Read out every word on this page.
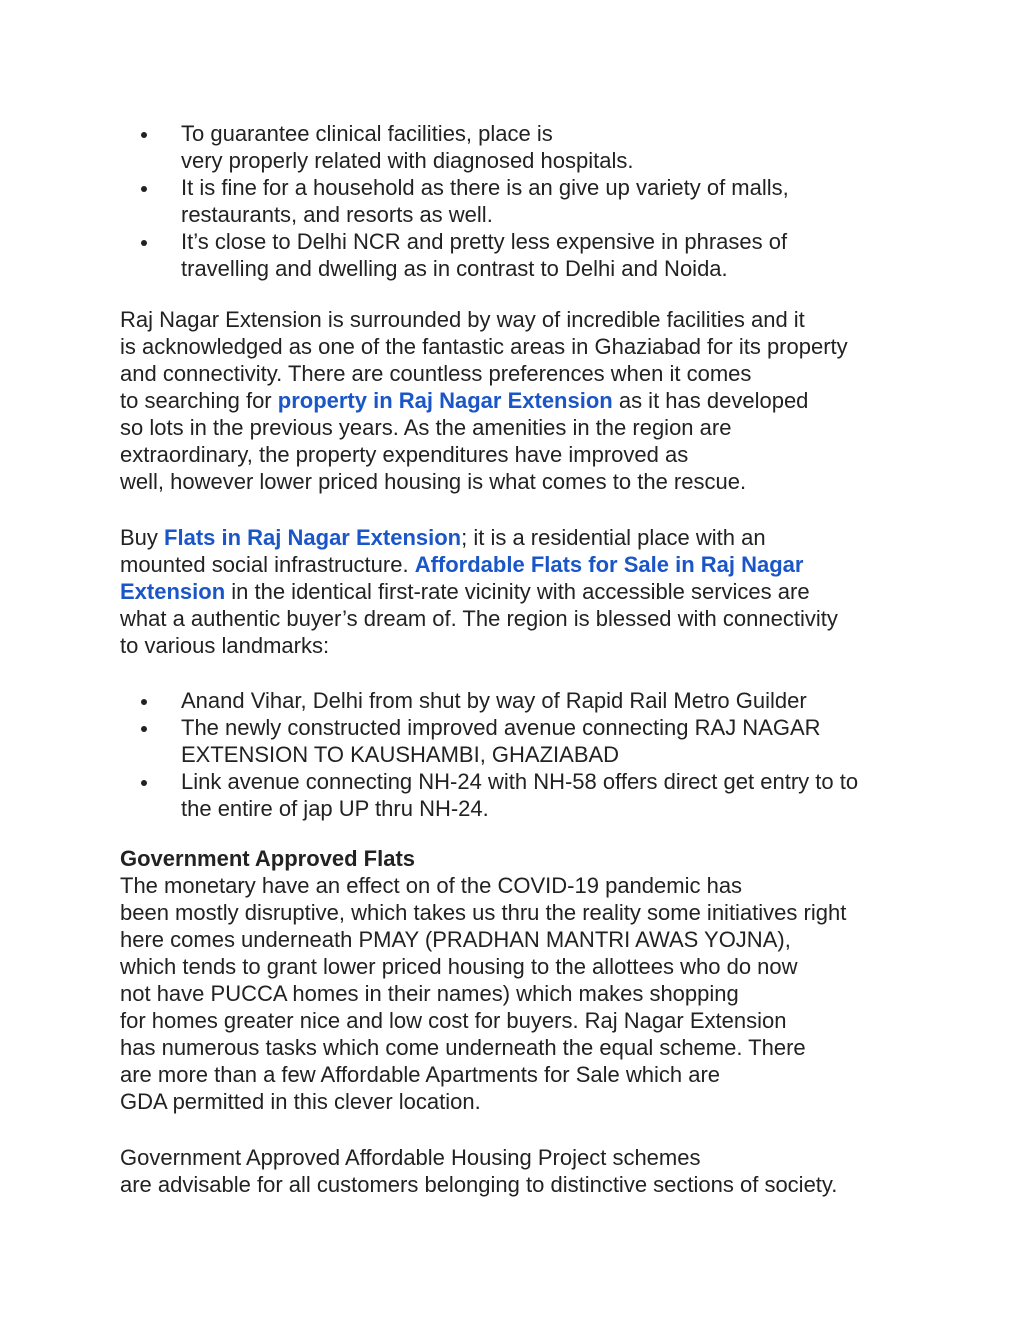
To guarantee clinical facilities, place is
very properly related with diagnosed hospitals.
It is fine for a household as there is an give up variety of malls,
restaurants, and resorts as well.
It’s close to Delhi NCR and pretty less expensive in phrases of
travelling and dwelling as in contrast to Delhi and Noida.
Raj Nagar Extension is surrounded by way of incredible facilities and it
is acknowledged as one of the fantastic areas in Ghaziabad for its property
and connectivity. There are countless preferences when it comes
to searching for property in Raj Nagar Extension as it has developed
so lots in the previous years. As the amenities in the region are
extraordinary, the property expenditures have improved as
well, however lower priced housing is what comes to the rescue.
Buy Flats in Raj Nagar Extension; it is a residential place with an
mounted social infrastructure. Affordable Flats for Sale in Raj Nagar
Extension in the identical first-rate vicinity with accessible services are
what a authentic buyer’s dream of. The region is blessed with connectivity
to various landmarks:
Anand Vihar, Delhi from shut by way of Rapid Rail Metro Guilder
The newly constructed improved avenue connecting RAJ NAGAR
EXTENSION TO KAUSHAMBI, GHAZIABAD
Link avenue connecting NH-24 with NH-58 offers direct get entry to to
the entire of jap UP thru NH-24.
Government Approved Flats
The monetary have an effect on of the COVID-19 pandemic has
been mostly disruptive, which takes us thru the reality some initiatives right
here comes underneath PMAY (PRADHAN MANTRI AWAS YOJNA),
which tends to grant lower priced housing to the allottees who do now
not have PUCCA homes in their names) which makes shopping
for homes greater nice and low cost for buyers. Raj Nagar Extension
has numerous tasks which come underneath the equal scheme. There
are more than a few Affordable Apartments for Sale which are
GDA permitted in this clever location.
Government Approved Affordable Housing Project schemes
are advisable for all customers belonging to distinctive sections of society.
